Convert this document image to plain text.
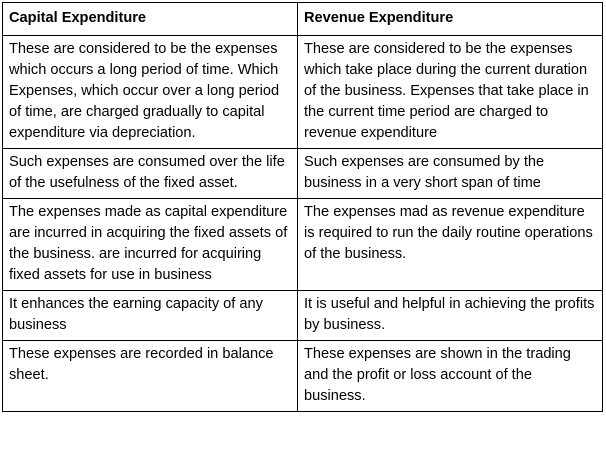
Capital Expenditure	Revenue Expenditure

These are considered to be the expenses which occurs a long period of time. Which Expenses, which occur over a long period of time, are charged gradually to capital expenditure via depreciation.	These are considered to be the expenses which take place during the current duration of the business. Expenses that take place in the current time period are charged to revenue expenditure

Such expenses are consumed over the life of the usefulness of the fixed asset.	Such expenses are consumed by the business in a very short span of time

The expenses made as capital expenditure are incurred in acquiring the fixed assets of the business. are incurred for acquiring fixed assets for use in business	The expenses mad as revenue expenditure is required to run the daily routine operations of the business.

It enhances the earning capacity of any business	It is useful and helpful in achieving the profits by business.

These expenses are recorded in balance sheet.	These expenses are shown in the trading and the profit or loss account of the business.
